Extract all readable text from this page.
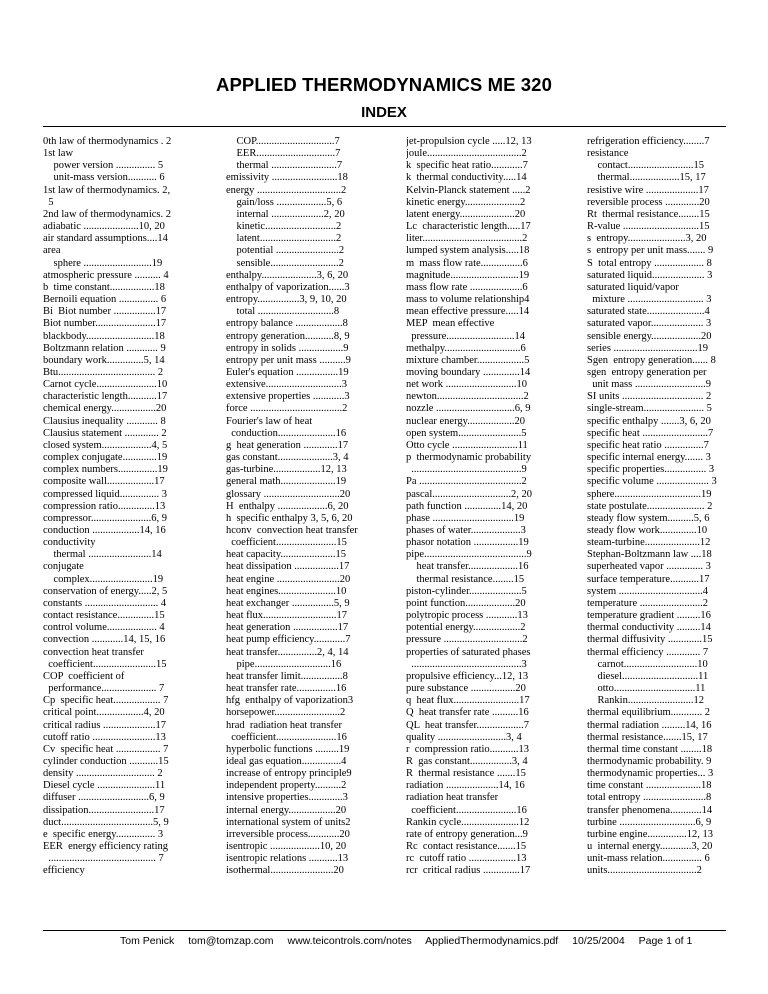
APPLIED THERMODYNAMICS ME 320
INDEX
0th law of thermodynamics . 2
1st law
power version ............... 5
unit-mass version........... 6
1st law of thermodynamics. 2,
5
2nd law of thermodynamics. 2
adiabatic .....................10, 20
air standard assumptions....14
area
sphere ..........................19
atmospheric pressure .......... 4
b  time constant.................18
Bernoili equation ............... 6
Bi  Biot number ................17
Biot number.......................17
blackbody..........................18
Boltzmann relation ............ 9
boundary work..............5, 14
Btu..................................... 2
Carnot cycle.......................10
characteristic length...........17
chemical energy.................20
Clausius inequality ............ 8
Clausius statement ............. 2
closed system...................4, 5
complex conjugate.............19
complex numbers...............19
composite wall..................17
compressed liquid............... 3
compression ratio..............13
compressor.......................6, 9
conduction ..................14, 16
conductivity
thermal ........................14
conjugate
complex........................19
conservation of energy.....2, 5
constants ............................ 4
contact resistance..............15
control volume................... 4
convection ............14, 15, 16
convection heat transfer
coefficient........................15
COP  coefficient of
performance..................... 7
Cp  specific heat.................. 7
critical point..................4, 20
critical radius ....................17
cutoff ratio ........................13
Cv  specific heat ................. 7
cylinder conduction ...........15
density .............................. 2
Diesel cycle ......................11
diffuser ...........................6, 9
dissipation.........................17
duct...................................5, 9
e  specific energy............... 3
EER  energy efficiency rating
......................................... 7
efficiency
COP..............................7
EER..............................7
thermal .........................7
emissivity .........................18
energy ................................2
gain/loss ...................5, 6
internal ....................2, 20
kinetic...........................2
latent.............................2
potential ........................2
sensible..........................2
enthalpy.....................3, 6, 20
enthalpy of vaporization......3
entropy................3, 9, 10, 20
total .............................8
entropy balance ..................8
entropy generation...........8, 9
entropy in solids .................9
entropy per unit mass ..........9
Euler's equation ................19
extensive.............................3
extensive properties ............3
force ...................................2
Fourier's law of heat
conduction......................16
g  heat generation .............17
gas constant.....................3, 4
gas-turbine..................12, 13
general math.....................19
glossary .............................20
H  enthalpy ...................6, 20
h  specific enthalpy 3, 5, 6, 20
hconv  convection heat transfer
coefficient.......................15
heat capacity.....................15
heat dissipation .................17
heat engine ........................20
heat engines......................10
heat exchanger ................5, 9
heat flux............................17
heat generation .................17
heat pump efficiency............7
heat transfer...............2, 4, 14
pipe.............................16
heat transfer limit................8
heat transfer rate...............16
hfg  enthalpy of vaporization3
horsepower.........................2
hrad  radiation heat transfer
coefficient.......................16
hyperbolic functions .........19
ideal gas equation...............4
increase of entropy principle9
independent property..........2
intensive properties.............3
internal energy..................20
international system of units2
irreversible process............20
isentropic ...................10, 20
isentropic relations ...........13
isothermal........................20
jet-propulsion cycle .....12, 13
joule....................................2
k  specific heat ratio............7
k  thermal conductivity.....14
Kelvin-Planck statement .....2
kinetic energy.....................2
latent energy.....................20
Lc  characteristic length.....17
liter......................................2
lumped system analysis.....18
m  mass flow rate................6
magnitude..........................19
mass flow rate ....................6
mass to volume relationship4
mean effective pressure.....14
MEP  mean effective
pressure..........................14
methalpy.............................6
mixture chamber..................5
moving boundary ..............14
net work ...........................10
newton.................................2
nozzle ..............................6, 9
nuclear energy..................20
open system........................5
Otto cycle .........................11
p  thermodynamic probability
..........................................9
Pa .......................................2
pascal..............................2, 20
path function ..............14, 20
phase ...............................19
phases of water...................3
phasor notation .................19
pipe.......................................9
heat transfer...................16
thermal resistance........15
piston-cylinder....................5
point function...................20
polytropic process ............13
potential energy..................2
pressure ..............................2
properties of saturated phases
..........................................3
propulsive efficiency...12, 13
pure substance .................20
q  heat flux.........................17
Q  heat transfer rate ..........16
QL  heat transfer..................7
quality ..........................3, 4
r  compression ratio...........13
R  gas constant................3, 4
R  thermal resistance .......15
radiation ....................14, 16
radiation heat transfer
coefficient.......................16
Rankin cycle......................12
rate of entropy generation...9
Rc  contact resistance.......15
rc  cutoff ratio ..................13
rcr  critical radius ..............17
refrigeration efficiency........7
resistance
contact.........................15
thermal...................15, 17
resistive wire ....................17
reversible process .............20
Rt  thermal resistance........15
R-value .............................15
s  entropy......................3, 20
s  entropy per unit mass....... 9
S  total entropy ................... 8
saturated liquid.................... 3
saturated liquid/vapor
mixture ............................. 3
saturated state......................4
saturated vapor.................... 3
sensible energy...................20
series ................................19
Sgen  entropy generation...... 8
sgen  entropy generation per
unit mass ...........................9
SI units ............................... 2
single-stream....................... 5
specific enthalpy .......3, 6, 20
specific heat .........................7
specific heat ratio ...............7
specific internal energy....... 3
specific properties................ 3
specific volume .................... 3
sphere.................................19
state postulate...................... 2
steady flow system..........5, 6
steady flow work..............10
steam-turbine.....................12
Stephan-Boltzmann law ....18
superheated vapor .............. 3
surface temperature...........17
system ................................4
temperature ........................2
temperature gradient .........16
thermal conductivity .........14
thermal diffusivity .............15
thermal efficiency ............. 7
carnot............................10
diesel.............................11
otto...............................11
Rankin.........................12
thermal equilibrium............ 2
thermal radiation .........14, 16
thermal resistance.......15, 17
thermal time constant ........18
thermodynamic probability. 9
thermodynamic properties... 3
time constant .....................18
total entropy ........................8
transfer phenomena............14
turbine .............................6, 9
turbine engine...............12, 13
u  internal energy............3, 20
unit-mass relation............... 6
units..................................2
Tom Penick tom@tomzap.com www.teicontrols.com/notes AppliedThermodynamics.pdf 10/25/2004 Page 1 of 1
